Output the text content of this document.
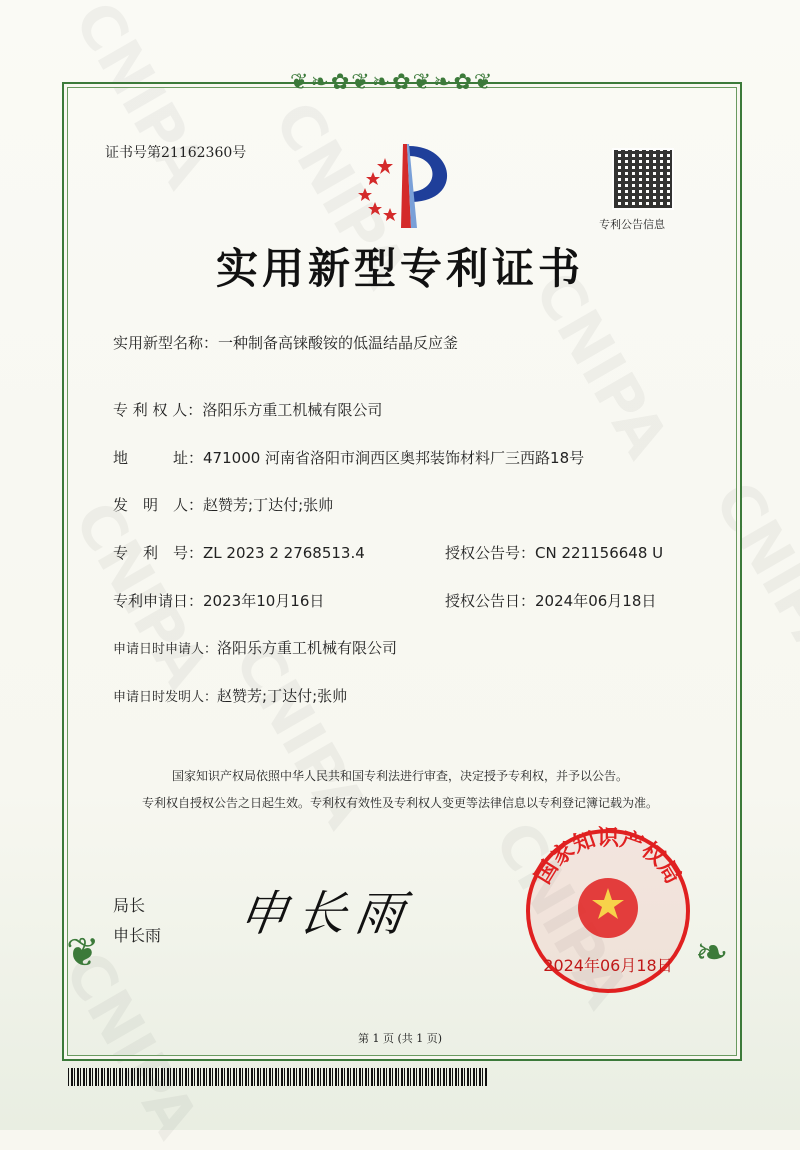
❦❧✿❦❧✿❦❧✿❦
❦	❧
证书号第21162360号
专利公告信息
实用新型专利证书
实用新型名称：一种制备高铼酸铵的低温结晶反应釜
专 利 权 人：洛阳乐方重工机械有限公司
地　　　址：471000 河南省洛阳市涧西区奥邦装饰材料厂三西路18号
发　明　人：赵赞芳;丁达付;张帅
专　利　号：ZL 2023 2 2768513.4	授权公告号：CN 221156648 U
专利申请日：2023年10月16日	授权公告日：2024年06月18日
申请日时申请人：洛阳乐方重工机械有限公司
申请日时发明人：赵赞芳;丁达付;张帅
国家知识产权局依照中华人民共和国专利法进行审查，决定授予专利权，并予以公告。
专利权自授权公告之日起生效。专利权有效性及专利权人变更等法律信息以专利登记簿记载为准。
局长
申长雨 申长雨
国家知识产权局
2024年06月18日
第 1 页 (共 1 页)
